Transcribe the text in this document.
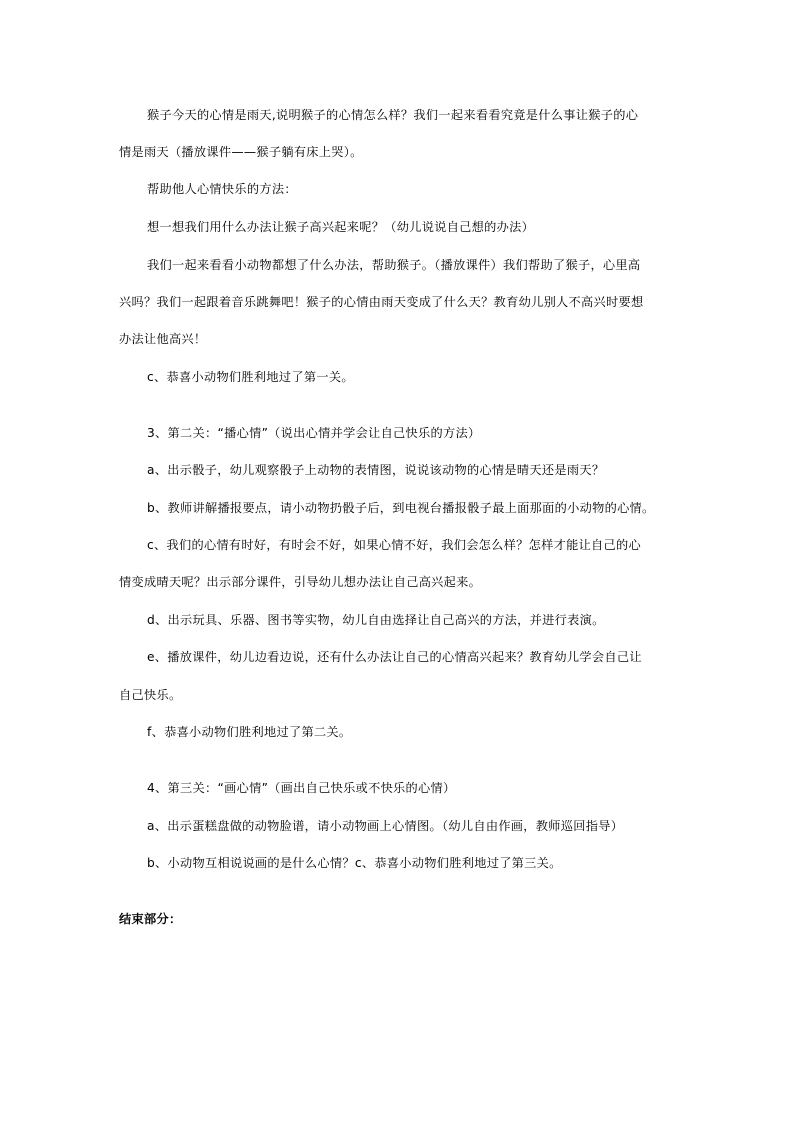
猴子今天的心情是雨天,说明猴子的心情怎么样？我们一起来看看究竟是什么事让猴子的心
情是雨天（播放课件——猴子躺有床上哭）。
帮助他人心情快乐的方法：
想一想我们用什么办法让猴子高兴起来呢？（幼儿说说自己想的办法）
我们一起来看看小动物都想了什么办法，帮助猴子。（播放课件）我们帮助了猴子，心里高
兴吗？我们一起跟着音乐跳舞吧！猴子的心情由雨天变成了什么天？教育幼儿别人不高兴时要想
办法让他高兴！
c、恭喜小动物们胜利地过了第一关。
3、第二关：“播心情”（说出心情并学会让自己快乐的方法）
a、出示骰子，幼儿观察骰子上动物的表情图，说说该动物的心情是晴天还是雨天？
b、教师讲解播报要点，请小动物扔骰子后，到电视台播报骰子最上面那面的小动物的心情。
c、我们的心情有时好，有时会不好，如果心情不好，我们会怎么样？怎样才能让自己的心
情变成晴天呢？出示部分课件，引导幼儿想办法让自己高兴起来。
d、出示玩具、乐器、图书等实物，幼儿自由选择让自己高兴的方法，并进行表演。
e、播放课件，幼儿边看边说，还有什么办法让自己的心情高兴起来？教育幼儿学会自己让
自己快乐。
f、恭喜小动物们胜利地过了第二关。
4、第三关：“画心情”（画出自己快乐或不快乐的心情）
a、出示蛋糕盘做的动物脸谱，请小动物画上心情图。（幼儿自由作画，教师巡回指导）
b、小动物互相说说画的是什么心情？c、恭喜小动物们胜利地过了第三关。
结束部分：
